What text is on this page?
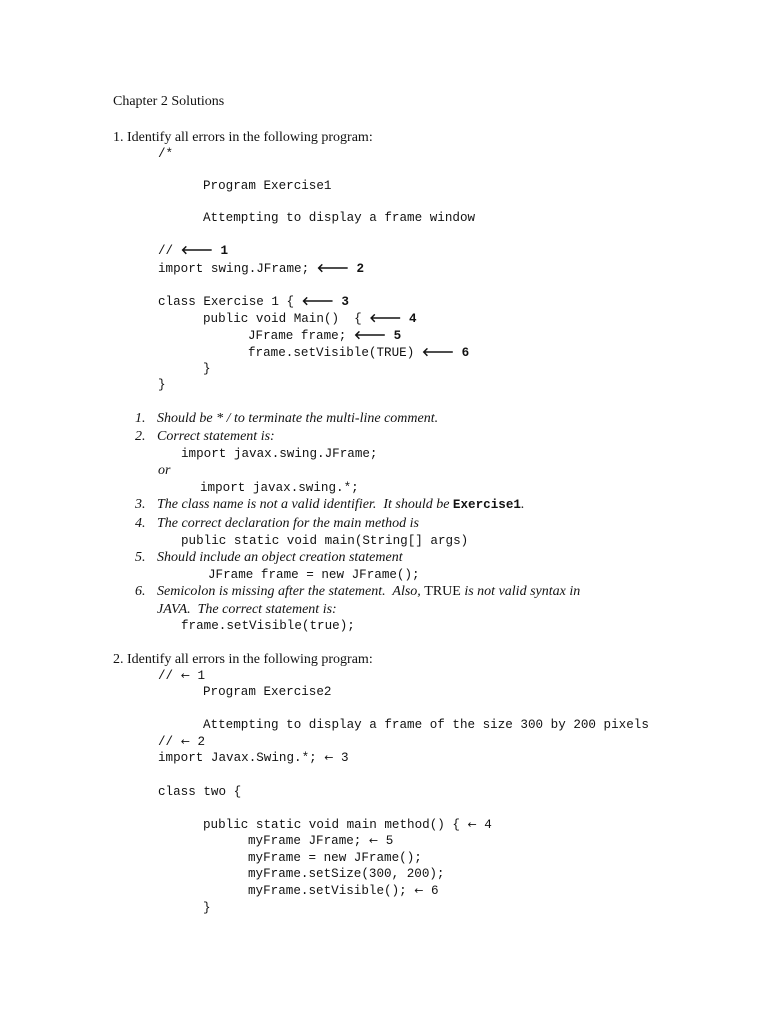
Chapter 2 Solutions
1. Identify all errors in the following program:
/*
Program Exercise1
Attempting to display a frame window
// 🡐 1
import swing.JFrame; 🡐 2
class Exercise 1 { 🡐 3
public void Main()  { 🡐 4
JFrame frame; 🡐 5
frame.setVisible(TRUE) 🡐 6
}
}
1. Should be * / to terminate the multi-line comment.
2. Correct statement is:
import javax.swing.JFrame;
or
import javax.swing.*;
3. The class name is not a valid identifier.  It should be Exercise1.
4. The correct declaration for the main method is
public static void main(String[] args)
5. Should include an object creation statement
JFrame frame = new JFrame();
6. Semicolon is missing after the statement.  Also, TRUE is not valid syntax in
JAVA.  The correct statement is:
frame.setVisible(true);
2. Identify all errors in the following program:
// ← 1
Program Exercise2
Attempting to display a frame of the size 300 by 200 pixels
// ← 2
import Javax.Swing.*; ← 3
class two {
public static void main method() { ← 4
myFrame JFrame; ← 5
myFrame = new JFrame();
myFrame.setSize(300, 200);
myFrame.setVisible(); ← 6
}
